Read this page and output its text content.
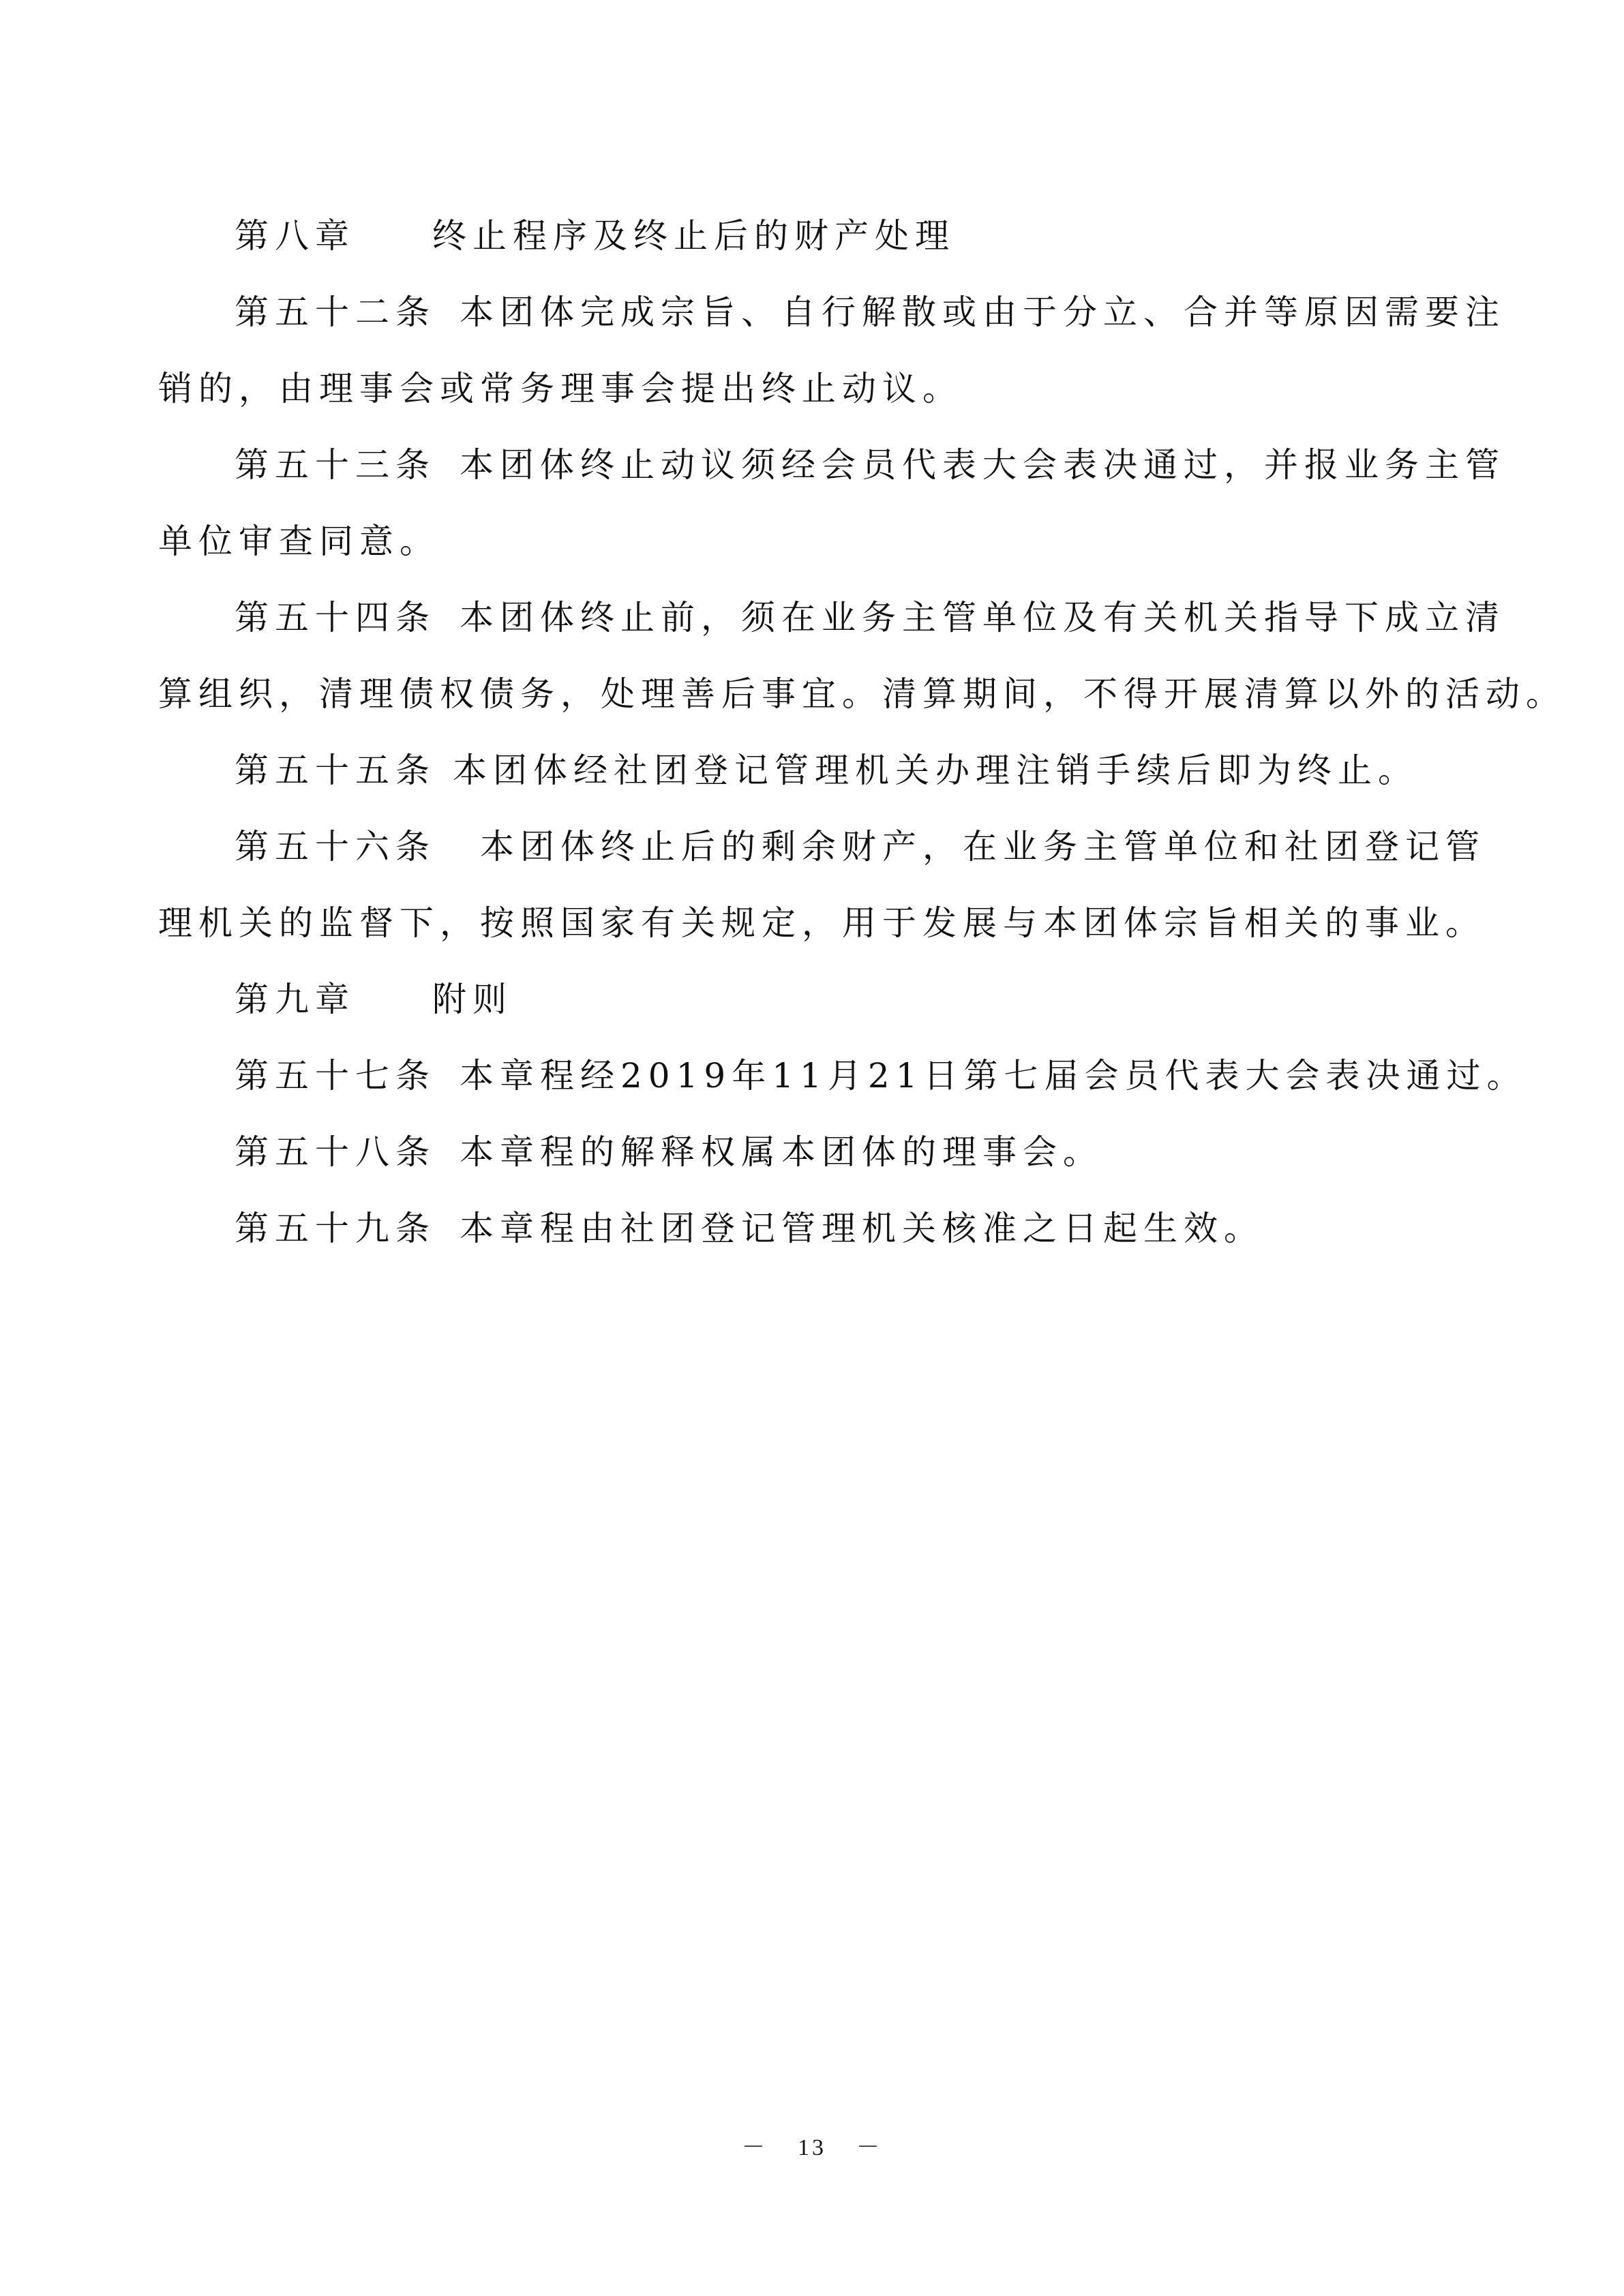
第八章 终止程序及终止后的财产处理

第五十二条 本团体完成宗旨、自行解散或由于分立、合并等原因需要注

销的，由理事会或常务理事会提出终止动议。

第五十三条 本团体终止动议须经会员代表大会表决通过，并报业务主管

单位审查同意。

第五十四条 本团体终止前，须在业务主管单位及有关机关指导下成立清

算组织，清理债权债务，处理善后事宜。清算期间，不得开展清算以外的活动。

第五十五条 本团体经社团登记管理机关办理注销手续后即为终止。

第五十六条 本团体终止后的剩余财产，在业务主管单位和社团登记管

理机关的监督下，按照国家有关规定，用于发展与本团体宗旨相关的事业。

第九章 附则

第五十七条 本章程经2019年11月21日第七届会员代表大会表决通过。

第五十八条 本章程的解释权属本团体的理事会。

第五十九条 本章程由社团登记管理机关核准之日起生效。

－ 13 －
